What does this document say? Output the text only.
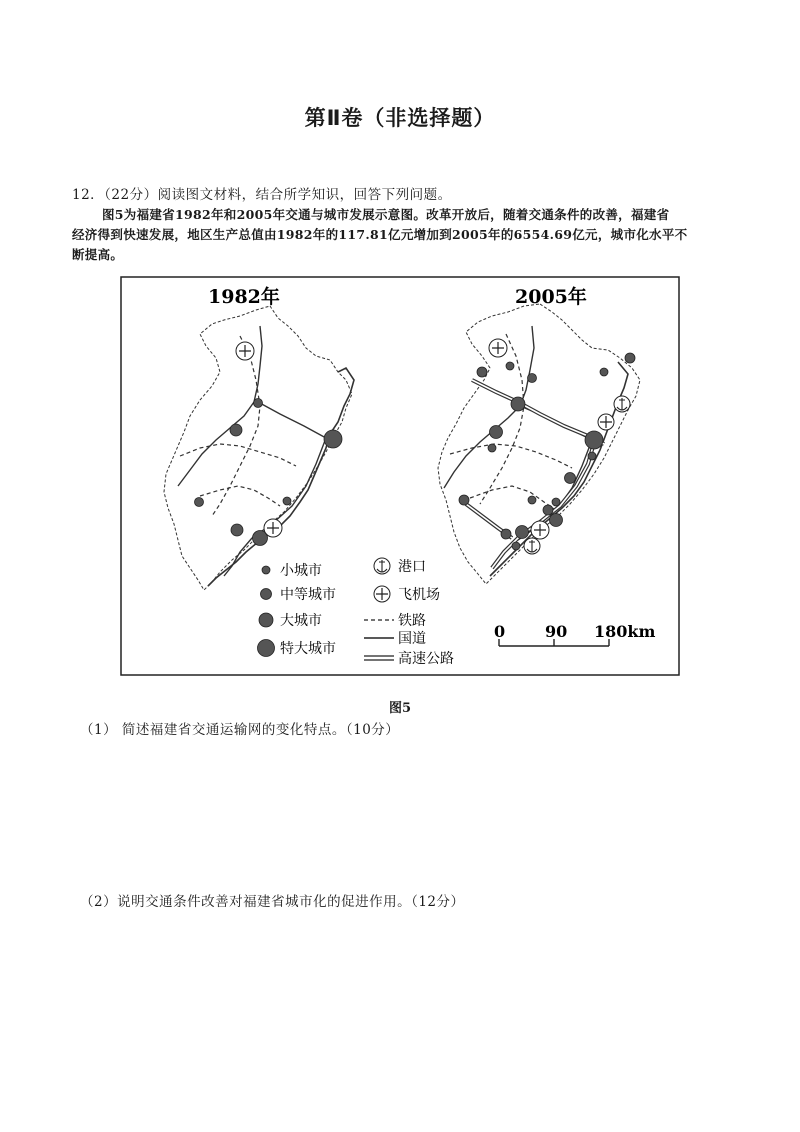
第Ⅱ卷（非选择题）
12．（22分）阅读图文材料，结合所学知识，回答下列问题。
图5为福建省1982年和2005年交通与城市发展示意图。改革开放后，随着交通条件的改善，福建省
经济得到快速发展，地区生产总值由1982年的117.81亿元增加到2005年的6554.69亿元，城市化水平不
断提高。
1982年	2005年
小城市
中等城市
大城市
特大城市
港口
飞机场
铁路
国道
高速公路
0 90 180km
图5
（1） 简述福建省交通运输网的变化特点。（10分）
（2）说明交通条件改善对福建省城市化的促进作用。（12分）
